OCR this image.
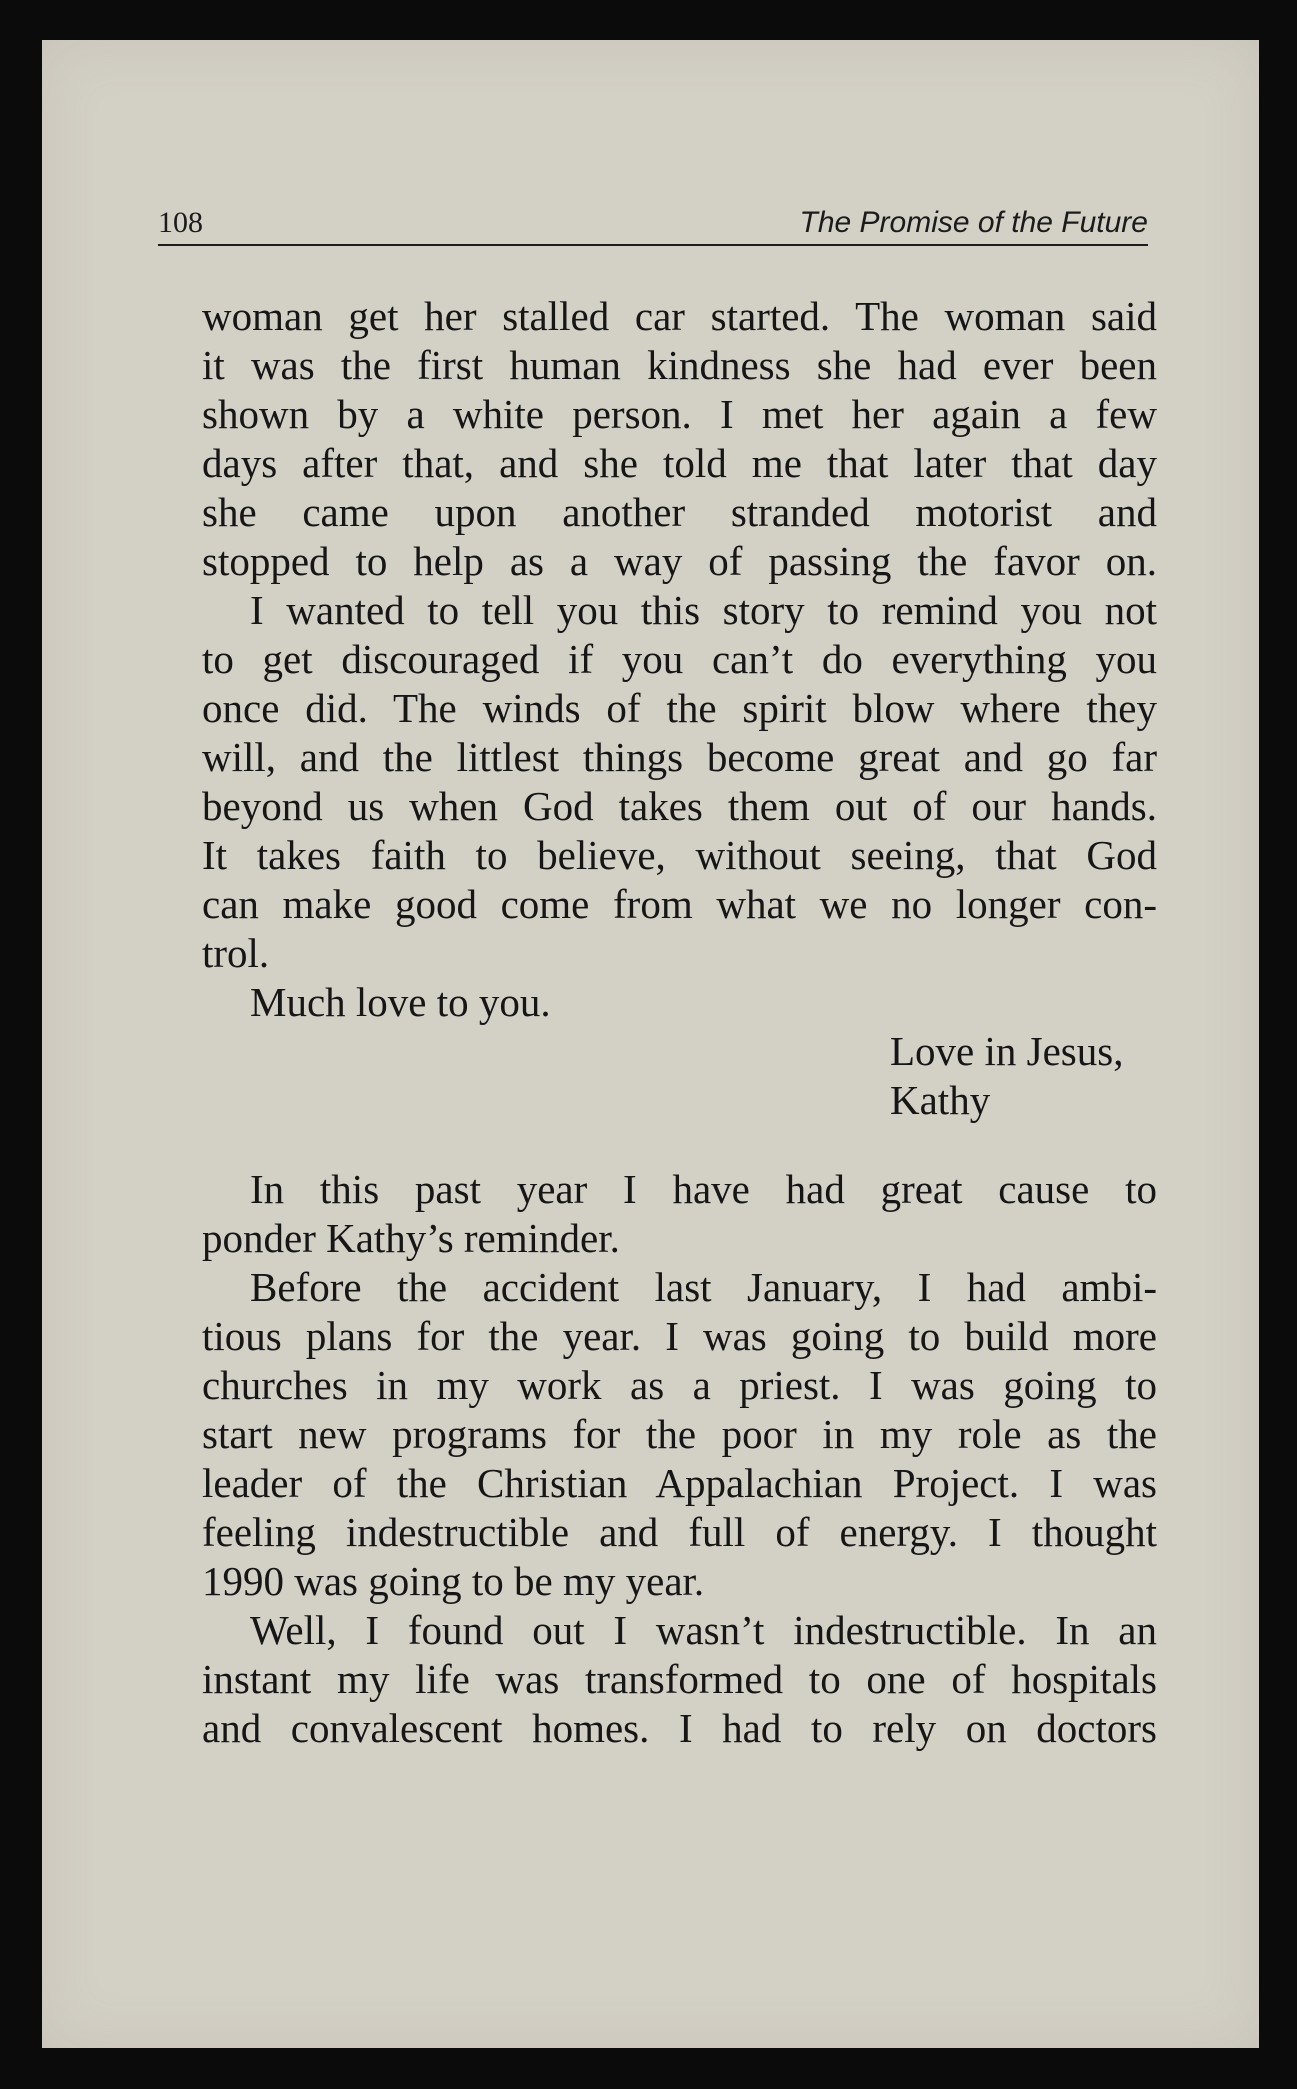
108	The Promise of the Future
woman get her stalled car started. The woman said
it was the first human kindness she had ever been
shown by a white person. I met her again a few
days after that, and she told me that later that day
she came upon another stranded motorist and
stopped to help as a way of passing the favor on.
I wanted to tell you this story to remind you not
to get discouraged if you can’t do everything you
once did. The winds of the spirit blow where they
will, and the littlest things become great and go far
beyond us when God takes them out of our hands.
It takes faith to believe, without seeing, that God
can make good come from what we no longer con-
trol.
Much love to you.
Love in Jesus,
Kathy
In this past year I have had great cause to
ponder Kathy’s reminder.
Before the accident last January, I had ambi-
tious plans for the year. I was going to build more
churches in my work as a priest. I was going to
start new programs for the poor in my role as the
leader of the Christian Appalachian Project. I was
feeling indestructible and full of energy. I thought
1990 was going to be my year.
Well, I found out I wasn’t indestructible. In an
instant my life was transformed to one of hospitals
and convalescent homes. I had to rely on doctors
